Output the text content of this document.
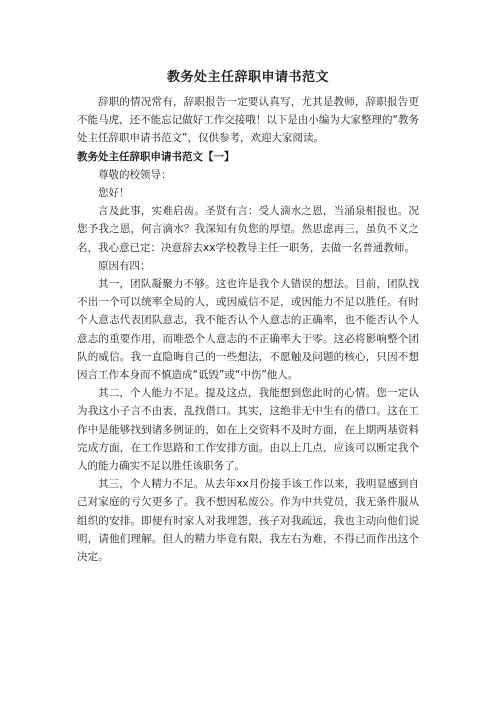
教务处主任辞职申请书范文

辞职的情况常有，辞职报告一定要认真写，尤其是教师，辞职报告更不能马虎，还不能忘记做好工作交接哦！以下是由小编为大家整理的“教务处主任辞职申请书范文”，仅供参考，欢迎大家阅读。

教务处主任辞职申请书范文【一】

尊敬的校领导：

您好！

言及此事，实难启齿。圣贤有言：受人滴水之恩，当涌泉相报也。况您予我之恩，何言滴水？我深知有负您的厚望。然思虑再三，虽负不义之名，我心意已定：决意辞去xx学校教导主任一职务，去做一名普通教师。

原因有四：

其一，团队凝聚力不够。这也许是我个人错误的想法。目前，团队找不出一个可以统率全局的人，或因威信不足，或因能力不足以胜任。有时个人意志代表团队意志，我不能否认个人意志的正确率，也不能否认个人意志的重要作用，而唯恐个人意志的不正确率大于零。这必将影响整个团队的威信。我一直隐晦自己的一些想法，不愿触及问题的核心，只因不想因言工作本身而不慎造成“诋毁”或“中伤”他人。

其二，个人能力不足。提及这点，我能想到您此时的心情。您一定认为我这小子言不由衷，乱找借口。其实，这绝非无中生有的借口。这在工作中是能够找到诸多例证的，如在上交资料不及时方面，在上期两基资料完成方面，在工作思路和工作安排方面。由以上几点，应该可以断定我个人的能力确实不足以胜任该职务了。

其三，个人精力不足。从去年xx月份接手该工作以来，我明显感到自己对家庭的亏欠更多了。我不想因私废公。作为中共党员，我无条件服从组织的安排。即便有时家人对我埋怨，孩子对我疏远，我也主动向他们说明，请他们理解。但人的精力毕竟有限，我左右为难，不得已而作出这个决定。
